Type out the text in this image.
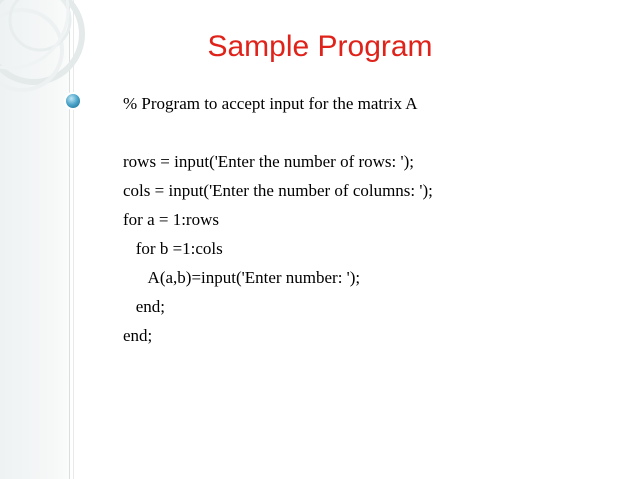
Sample Program
% Program to accept input for the matrix A
rows = input('Enter the number of rows: ');
cols = input('Enter the number of columns: ');
for a = 1:rows
for b =1:cols
A(a,b)=input('Enter number: ');
end;
end;
